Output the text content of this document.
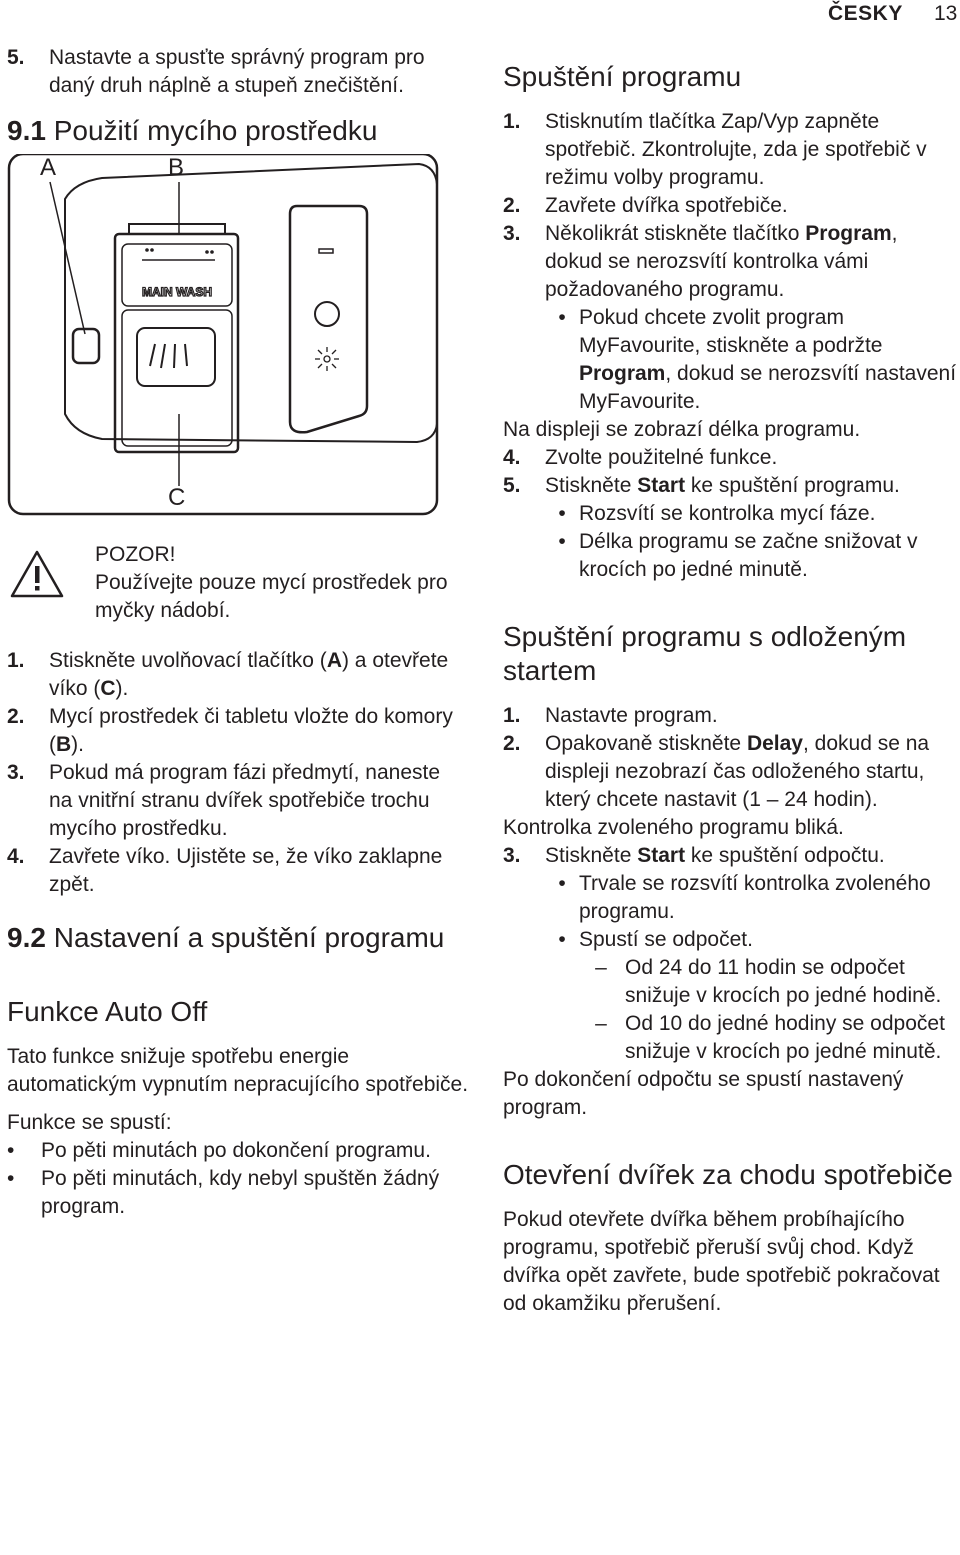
ČESKY 13
5.	Nastavte a spusťte správný program pro daný druh náplně a stupeň znečištění.
9.1 Použití mycího prostředku
MAIN WASH
A	B
C
POZOR!
Používejte pouze mycí prostředek pro myčky nádobí.
1.	Stiskněte uvolňovací tlačítko (A) a otevřete víko (C).
2.	Mycí prostředek či tabletu vložte do komory (B).
3.	Pokud má program fázi předmytí, naneste na vnitřní stranu dvířek spotřebiče trochu mycího prostředku.
4.	Zavřete víko. Ujistěte se, že víko zaklapne zpět.
9.2 Nastavení a spuštění programu
Funkce Auto Off
Tato funkce snižuje spotřebu energie automatickým vypnutím nepracujícího spotřebiče.
Funkce se spustí:
•	Po pěti minutách po dokončení programu.
•	Po pěti minutách, kdy nebyl spuštěn žádný program.
Spuštění programu
1.	Stisknutím tlačítka Zap/Vyp zapněte spotřebič. Zkontrolujte, zda je spotřebič v režimu volby programu.
2.	Zavřete dvířka spotřebiče.
3.	Několikrát stiskněte tlačítko Program, dokud se nerozsvítí kontrolka vámi požadovaného programu.
• Pokud chcete zvolit program MyFavourite, stiskněte a podržte Program, dokud se nerozsvítí nastavení MyFavourite.
Na displeji se zobrazí délka programu.
4.	Zvolte použitelné funkce.
5.	Stiskněte Start ke spuštění programu.
• Rozsvítí se kontrolka mycí fáze.
• Délka programu se začne snižovat v krocích po jedné minutě.
Spuštění programu s odloženým startem
1.	Nastavte program.
2.	Opakovaně stiskněte Delay, dokud se na displeji nezobrazí čas odloženého startu, který chcete nastavit (1 – 24 hodin).
Kontrolka zvoleného programu bliká.
3.	Stiskněte Start ke spuštění odpočtu.
• Trvale se rozsvítí kontrolka zvoleného programu.
• Spustí se odpočet.
– Od 24 do 11 hodin se odpočet snižuje v krocích po jedné hodině.
– Od 10 do jedné hodiny se odpočet snižuje v krocích po jedné minutě.
Po dokončení odpočtu se spustí nastavený program.
Otevření dvířek za chodu spotřebiče
Pokud otevřete dvířka během probíhajícího programu, spotřebič přeruší svůj chod. Když dvířka opět zavřete, bude spotřebič pokračovat od okamžiku přerušení.
